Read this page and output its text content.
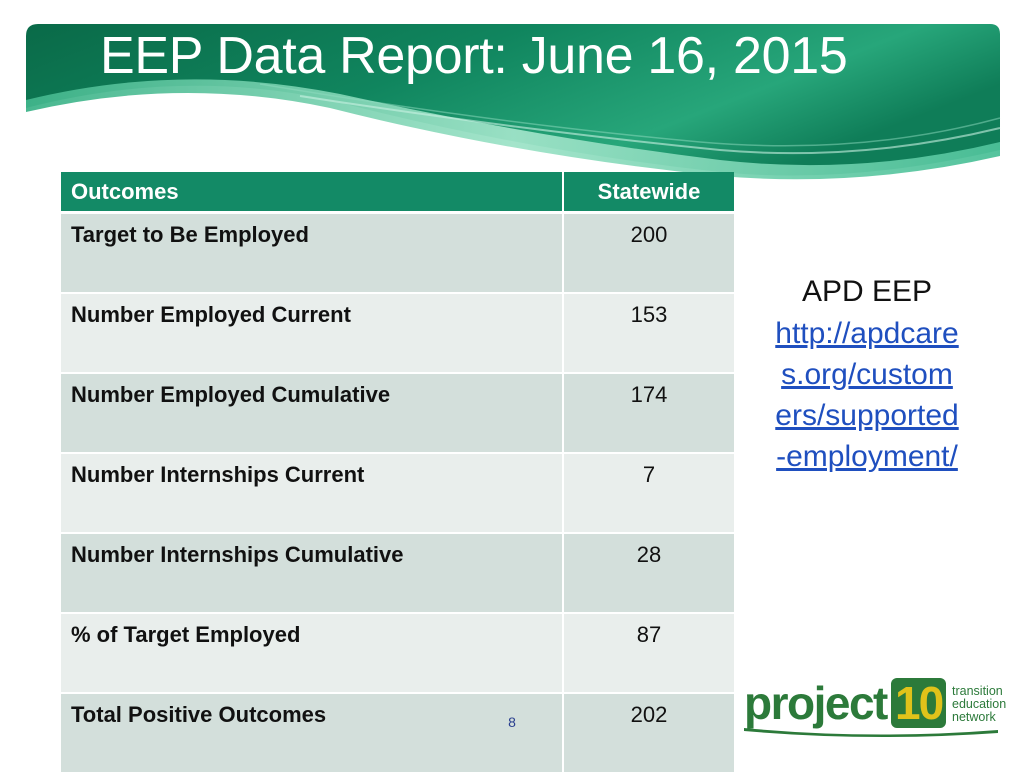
EEP Data Report: June 16, 2015
Outcomes	Statewide
Target to Be Employed	200
Number Employed Current	153
Number Employed Cumulative	174
Number Internships Current	7
Number Internships Cumulative	28
% of Target Employed	87
Total Positive Outcomes	202
APD EEP
http://apdcare
s.org/custom
ers/supported
-employment/
8	project 10 transition
education
network
